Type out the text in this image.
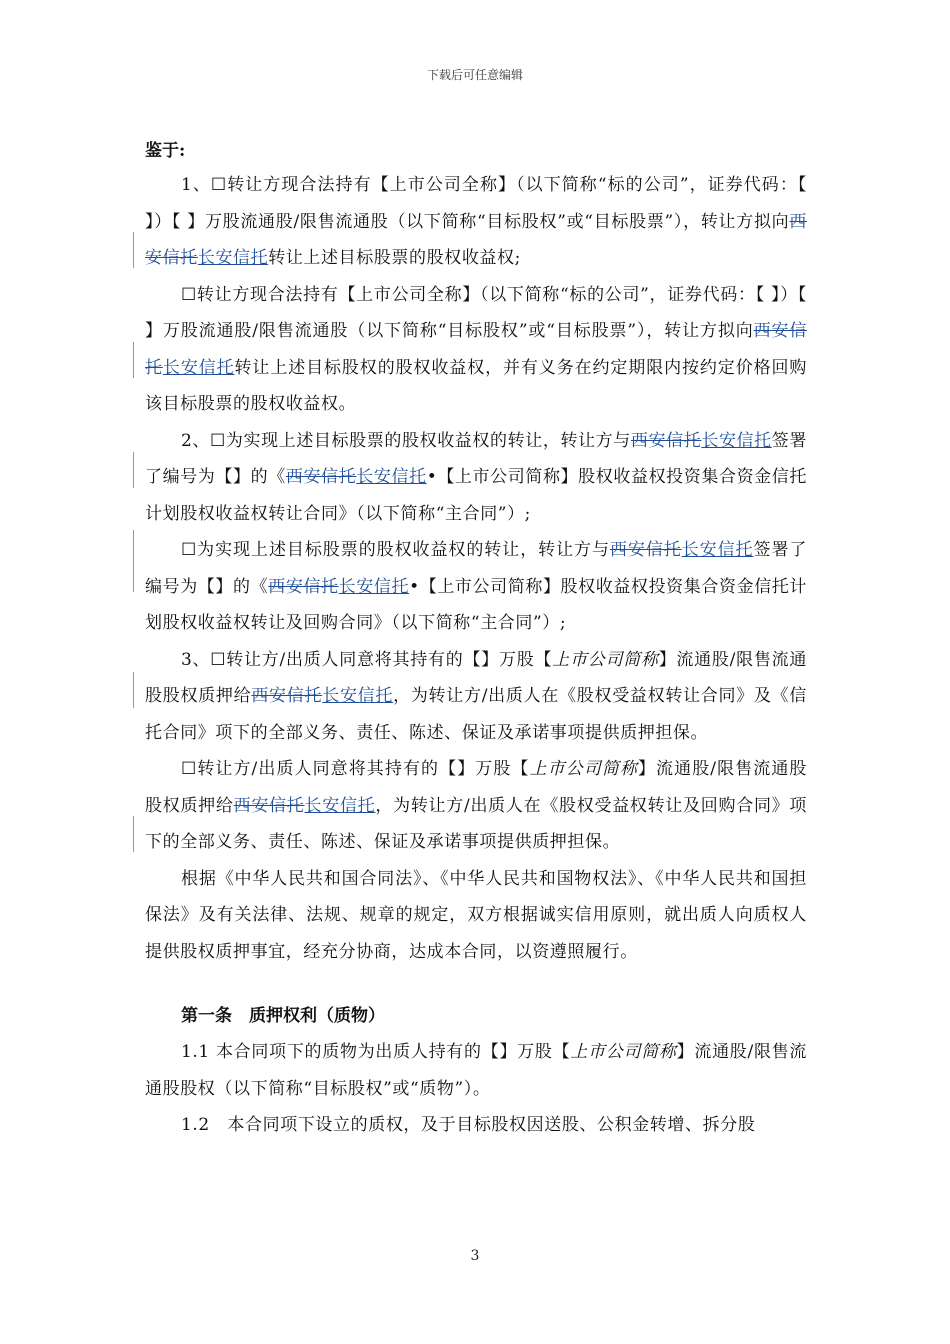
下载后可任意编辑
鉴于:

1、☐转让方现合法持有【上市公司全称】（以下简称“标的公司”，证券代码：【 】）【 】万股流通股/限售流通股（以下简称“目标股权”或“目标股票”），转让方拟向西安信托长安信托转让上述目标股票的股权收益权;

☐转让方现合法持有【上市公司全称】（以下简称“标的公司”，证券代码：【 】）【 】万股流通股/限售流通股（以下简称“目标股权”或“目标股票”），转让方拟向西安信托长安信托转让上述目标股权的股权收益权，并有义务在约定期限内按约定价格回购该目标股票的股权收益权。

2、☐为实现上述目标股票的股权收益权的转让，转让方与西安信托长安信托签署了编号为【】的《西安信托长安信托•【上市公司简称】股权收益权投资集合资金信托计划股权收益权转让合同》（以下简称“主合同”）;

☐为实现上述目标股票的股权收益权的转让，转让方与西安信托长安信托签署了编号为【】的《西安信托长安信托•【上市公司简称】股权收益权投资集合资金信托计划股权收益权转让及回购合同》（以下简称“主合同”）;

3、☐转让方/出质人同意将其持有的【】万股【上市公司简称】流通股/限售流通股股权质押给西安信托长安信托，为转让方/出质人在《股权受益权转让合同》及《信托合同》项下的全部义务、责任、陈述、保证及承诺事项提供质押担保。

☐转让方/出质人同意将其持有的【】万股【上市公司简称】流通股/限售流通股股权质押给西安信托长安信托，为转让方/出质人在《股权受益权转让及回购合同》项下的全部义务、责任、陈述、保证及承诺事项提供质押担保。

根据《中华人民共和国合同法》、《中华人民共和国物权法》、《中华人民共和国担保法》及有关法律、法规、规章的规定，双方根据诚实信用原则，就出质人向质权人提供股权质押事宜，经充分协商，达成本合同，以资遵照履行。

第一条　质押权利（质物）

1.1 本合同项下的质物为出质人持有的【】万股【上市公司简称】流通股/限售流通股股权（以下简称“目标股权”或“质物”）。

1.2　本合同项下设立的质权，及于目标股权因送股、公积金转增、拆分股

3
